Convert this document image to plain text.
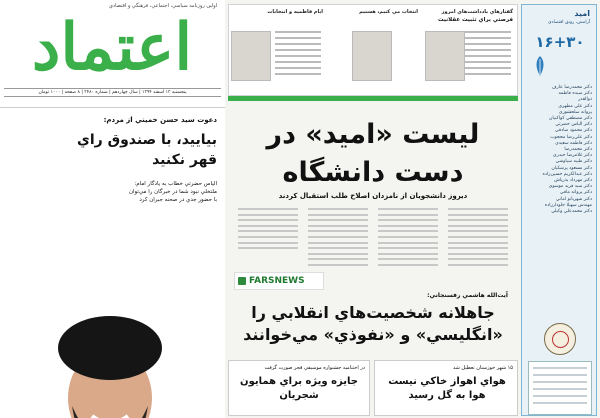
اولين روزنامه سياسي، اجتماعي، فرهنگي و اقتصادي
اعتماد
پنجشنبه ۱۳ اسفند ۱۳۹۴ | سال چهاردهم | شماره ۳۴۸۰ | ۸ صفحه | ۱۰۰۰ تومان
دعوت سيد حسن خميني از مردم:
بياييد، با صندوق راي قهر نكنيد
الياس حضرتي خطاب به يادگار امام: ملتخلي نبود شما در خبرگان را مي‌توان با حضور جدي در صحنه جبران كرد
گفتارهاي يادداشت‌هاي امروز
فرصتي براي تثبيت عقلانيت
انتخاب مي كنيم، هستيم
ايام فاطميه و انتخابات
ليست «اميد» در دست دانشگاه
ديروز دانشجويان از نامزدان اصلاح طلب استقبال كردند
آيت‌الله هاشمي رفسنجاني:
جاهلانه شخصيت‌هاي انقلابي را «انگليسي» و «نفوذي» مي‌خوانند
FARSNEWS
۱۵ شهر خوزستان تعطيل شد
هواي اهواز خاكي نيست هوا به گل رسيد
در اختتاميه جشنواره موسيقي فجر صورت گرفت
جايزه ويژه براي همايون شجريان
اميد
آرامش، رونق اقتصادي
۱۶+۳۰
دكتر محمدرضا عارف
دكتر سيده فاطمه
ذوالقدر
دكتر علي مطهري
پروانه سلحشوري
دكتر مصطفي كواكبيان
دكتر الياس حضرتي
دكتر محمود صادقي
دكتر علي‌رضا محجوب
دكتر فاطمه سعيدي
دكتر محمدرضا
دكتر غلامرضا حيدري
دكتر طيبه سياوشي
دكتر مسعود پزشكيان
دكتر عبدالكريم حسين‌زاده
دكتر مهرداد بذرپاش
دكتر سيد فريد موسوي
دكتر پروانه مافي
دكتر شهربانو اماني
مهندس سهيلا جلودارزاده
دكتر محمدعلي وكيلي
